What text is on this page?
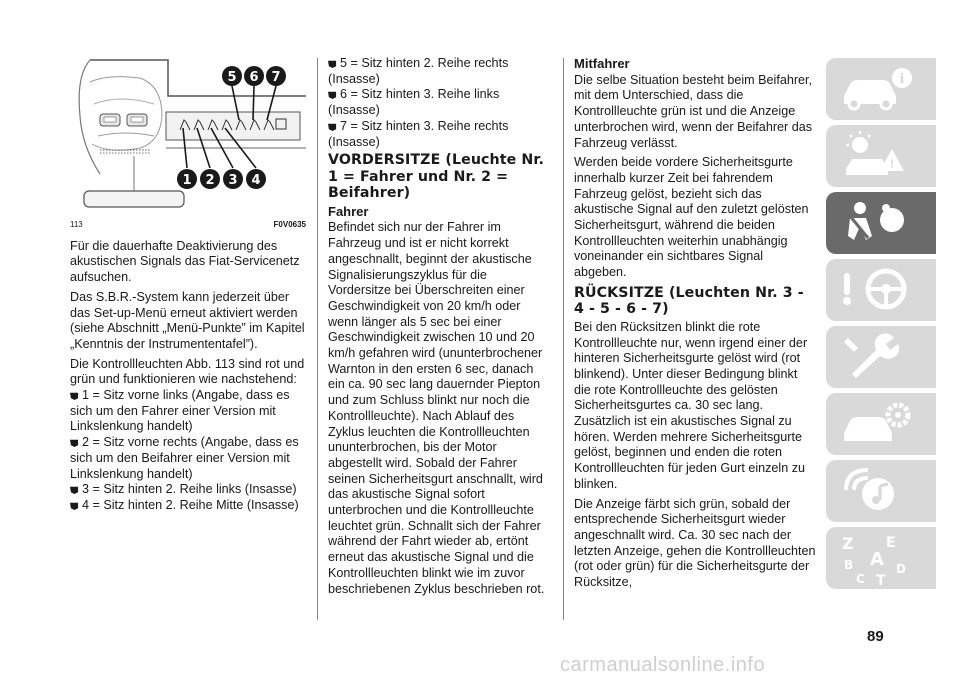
1 2 3 4
5 6 7
113	F0V0635

Für die dauerhafte Deaktivierung des akustischen Signals das Fiat-Servicenetz aufsuchen.

Das S.B.R.-System kann jederzeit über das Set-up-Menü erneut aktiviert werden (siehe Abschnitt „Menü-Punkte” im Kapitel „Kenntnis der Instrumententafel”).

Die Kontrollleuchten Abb. 113 sind rot und grün und funktionieren wie nachstehend:

1 = Sitz vorne links (Angabe, dass es sich um den Fahrer einer Version mit Linkslenkung handelt)
2 = Sitz vorne rechts (Angabe, dass es sich um den Beifahrer einer Version mit Linkslenkung handelt)
3 = Sitz hinten 2. Reihe links (Insasse)
4 = Sitz hinten 2. Reihe Mitte (Insasse)
5 = Sitz hinten 2. Reihe rechts (Insasse)
6 = Sitz hinten 3. Reihe links (Insasse)
7 = Sitz hinten 3. Reihe rechts (Insasse)
VORDERSITZE (Leuchte Nr. 1 = Fahrer und Nr. 2 = Beifahrer)
Fahrer

Befindet sich nur der Fahrer im Fahrzeug und ist er nicht korrekt angeschnallt, beginnt der akustische Signalisierungszyklus für die Vordersitze bei Überschreiten einer Geschwindigkeit von 20 km/h oder wenn länger als 5 sec bei einer Geschwindigkeit zwischen 10 und 20 km/h gefahren wird (ununterbrochener Warnton in den ersten 6 sec, danach ein ca. 90 sec lang dauernder Piepton und zum Schluss blinkt nur noch die Kontrollleuchte). Nach Ablauf des Zyklus leuchten die Kontrollleuchten ununterbrochen, bis der Motor abgestellt wird. Sobald der Fahrer seinen Sicherheitsgurt anschnallt, wird das akustische Signal sofort unterbrochen und die Kontrollleuchte leuchtet grün. Schnallt sich der Fahrer während der Fahrt wieder ab, ertönt erneut das akustische Signal und die Kontrollleuchten blinkt wie im zuvor beschriebenen Zyklus beschrieben rot.

Mitfahrer

Die selbe Situation besteht beim Beifahrer, mit dem Unterschied, dass die Kontrollleuchte grün ist und die Anzeige unterbrochen wird, wenn der Beifahrer das Fahrzeug verlässt.

Werden beide vordere Sicherheitsgurte innerhalb kurzer Zeit bei fahrendem Fahrzeug gelöst, bezieht sich das akustische Signal auf den zuletzt gelösten Sicherheitsgurt, während die beiden Kontrollleuchten weiterhin unabhängig voneinander ein sichtbares Signal abgeben.

RÜCKSITZE (Leuchten Nr. 3 - 4 - 5 - 6 - 7)

Bei den Rücksitzen blinkt die rote Kontrollleuchte nur, wenn irgend einer der hinteren Sicherheitsgurte gelöst wird (rot blinkend). Unter dieser Bedingung blinkt die rote Kontrollleuchte des gelösten Sicherheitsgurtes ca. 30 sec lang. Zusätzlich ist ein akustisches Signal zu hören. Werden mehrere Sicherheitsgurte gelöst, beginnen und enden die roten Kontrollleuchten für jeden Gurt einzeln zu blinken.

Die Anzeige färbt sich grün, sobald der entsprechende Sicherheitsgurt wieder angeschnallt wird. Ca. 30 sec nach der letzten Anzeige, gehen die Kontrollleuchten (rot oder grün) für die Sicherheitsgurte der Rücksitze,

i
!
Z E
B A
C
D
T
89
carmanualsonline.info
